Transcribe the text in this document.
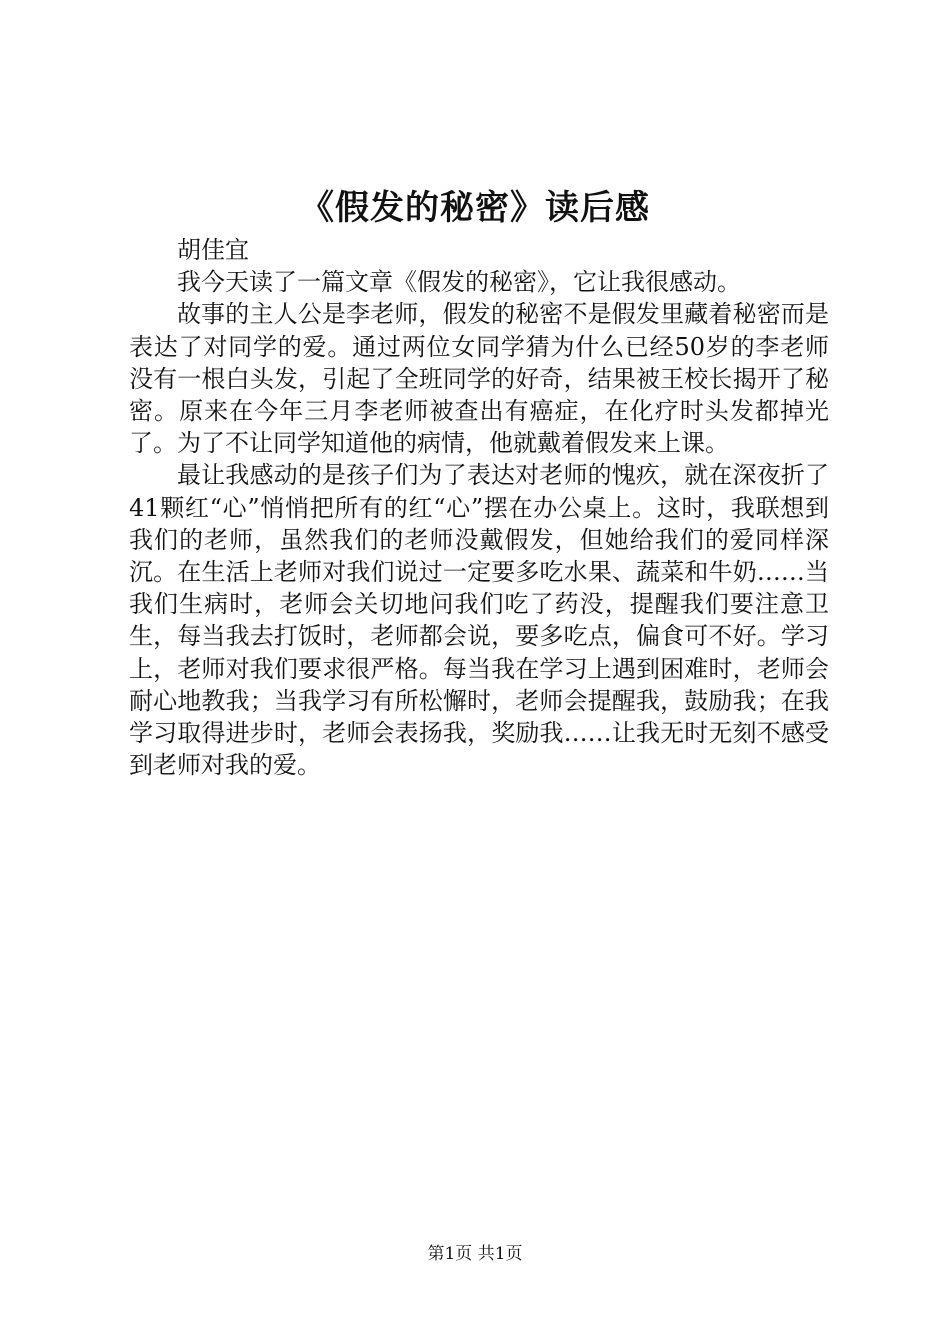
《假发的秘密》读后感

胡佳宜

我今天读了一篇文章《假发的秘密》，它让我很感动。

故事的主人公是李老师，假发的秘密不是假发里藏着秘密而是表达了对同学的爱。通过两位女同学猜为什么已经50岁的李老师没有一根白头发，引起了全班同学的好奇，结果被王校长揭开了秘密。原来在今年三月李老师被查出有癌症，在化疗时头发都掉光了。为了不让同学知道他的病情，他就戴着假发来上课。

最让我感动的是孩子们为了表达对老师的愧疚，就在深夜折了41颗红“心”悄悄把所有的红“心”摆在办公桌上。这时，我联想到我们的老师，虽然我们的老师没戴假发，但她给我们的爱同样深沉。在生活上老师对我们说过一定要多吃水果、蔬菜和牛奶……当我们生病时，老师会关切地问我们吃了药没，提醒我们要注意卫生，每当我去打饭时，老师都会说，要多吃点，偏食可不好。学习上，老师对我们要求很严格。每当我在学习上遇到困难时，老师会耐心地教我；当我学习有所松懈时，老师会提醒我，鼓励我；在我学习取得进步时，老师会表扬我，奖励我……让我无时无刻不感受到老师对我的爱。

第1页 共1页
